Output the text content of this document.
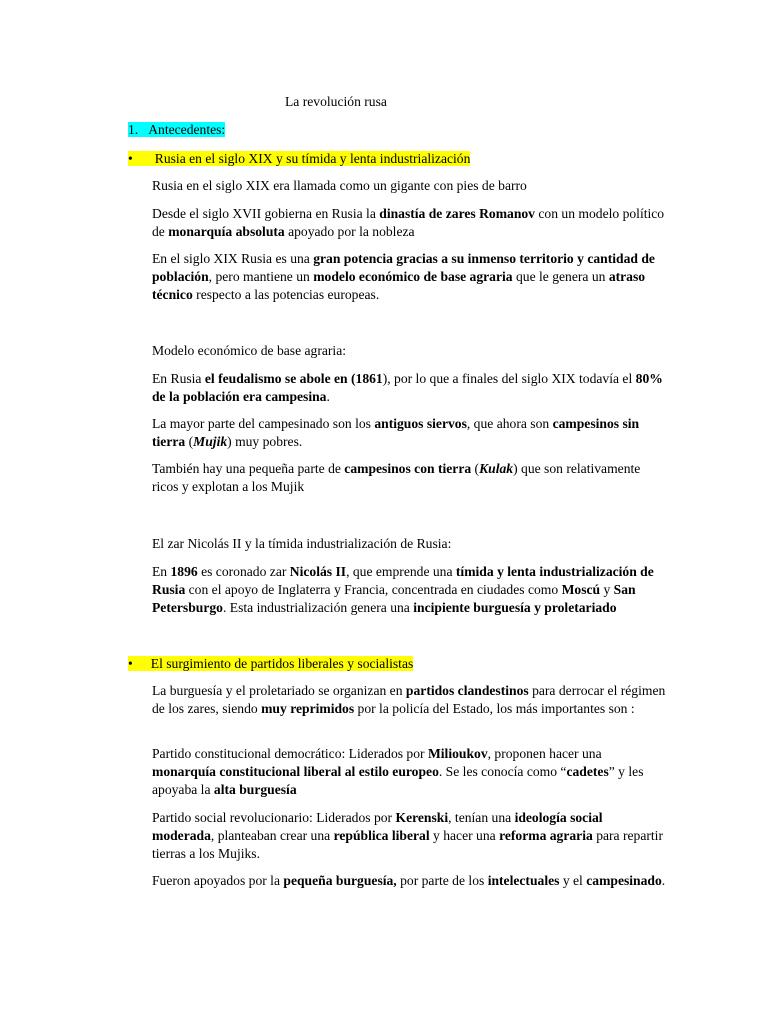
La revolución rusa
1. Antecedentes:
• Rusia en el siglo XIX y su tímida y lenta industrialización
Rusia en el siglo XIX era llamada como un gigante con pies de barro
Desde el siglo XVII gobierna en Rusia la dinastía de zares Romanov con un modelo político de monarquía absoluta apoyado por la nobleza
En el siglo XIX Rusia es una gran potencia gracias a su inmenso territorio y cantidad de población, pero mantiene un modelo económico de base agraria que le genera un atraso técnico respecto a las potencias europeas.
Modelo económico de base agraria:
En Rusia el feudalismo se abole en (1861), por lo que a finales del siglo XIX todavía el 80% de la población era campesina.
La mayor parte del campesinado son los antiguos siervos, que ahora son campesinos sin tierra (Mujik) muy pobres.
También hay una pequeña parte de campesinos con tierra (Kulak) que son relativamente ricos y explotan a los Mujik
El zar Nicolás II y la tímida industrialización de Rusia:
En 1896 es coronado zar Nicolás II, que emprende una tímida y lenta industrialización de Rusia con el apoyo de Inglaterra y Francia, concentrada en ciudades como Moscú y San Petersburgo. Esta industrialización genera una incipiente burguesía y proletariado
• El surgimiento de partidos liberales y socialistas
La burguesía y el proletariado se organizan en partidos clandestinos para derrocar el régimen de los zares, siendo muy reprimidos por la policía del Estado, los más importantes son :
Partido constitucional democrático: Liderados por Milioukov, proponen hacer una monarquía constitucional liberal al estilo europeo. Se les conocía como “cadetes” y les apoyaba la alta burguesía
Partido social revolucionario: Liderados por Kerenski, tenían una ideología social moderada, planteaban crear una república liberal y hacer una reforma agraria para repartir tierras a los Mujiks.
Fueron apoyados por la pequeña burguesía, por parte de los intelectuales y el campesinado.
